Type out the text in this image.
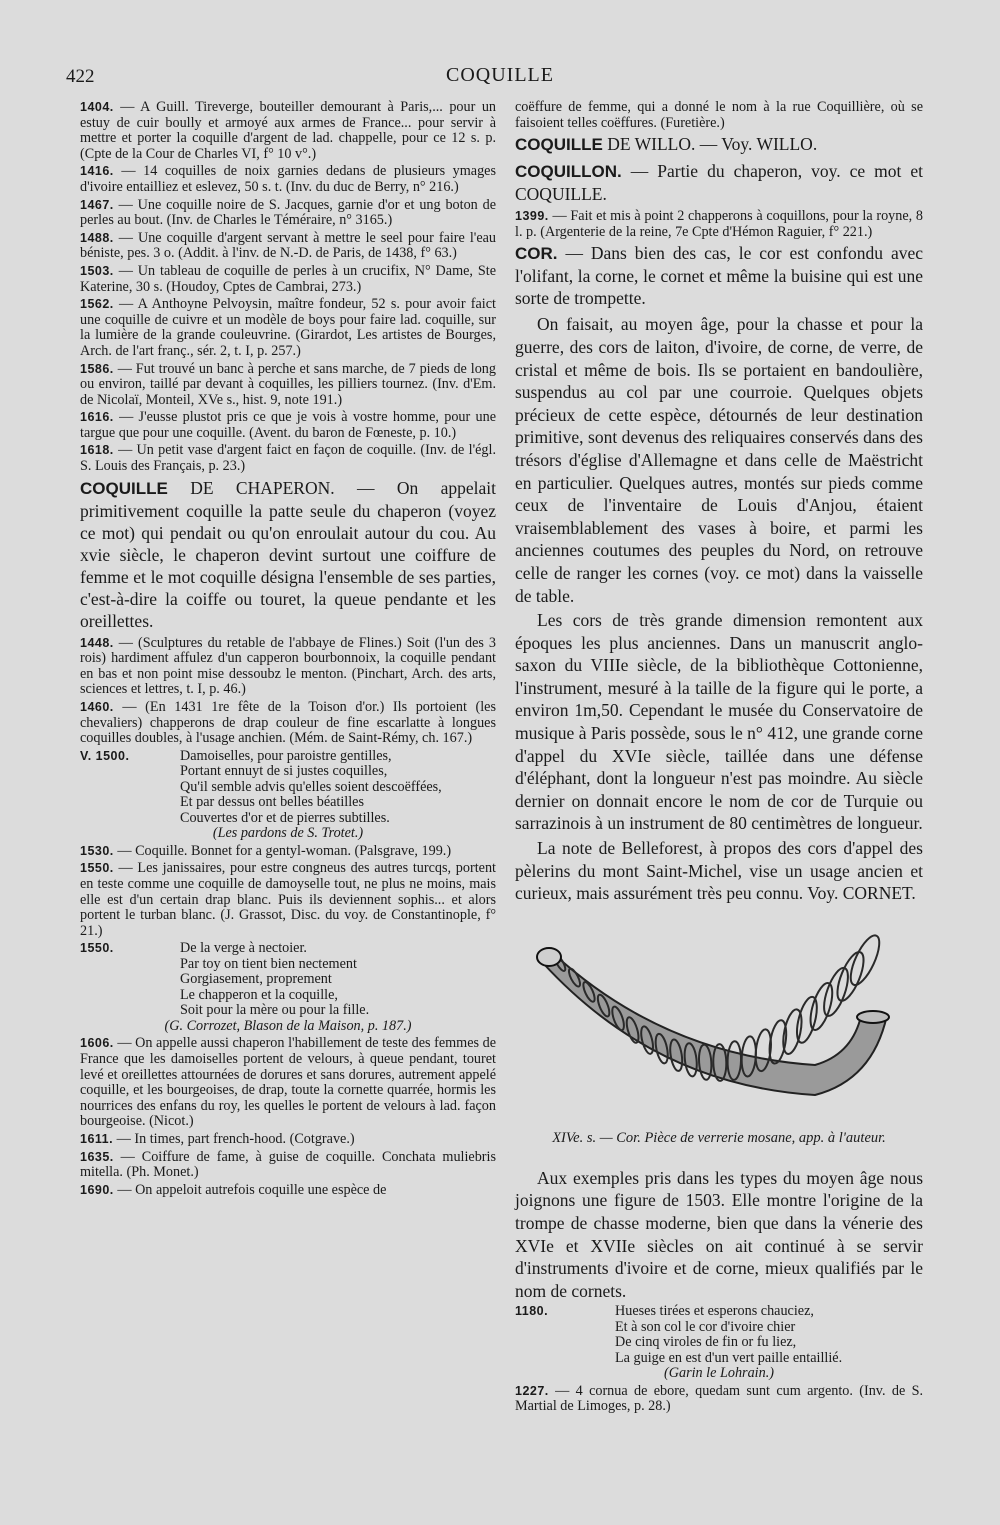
422	COQUILLE

1404. — A Guill. Tireverge, bouteiller demourant à Paris,... pour un estuy de cuir boully et armoyé aux armes de France... pour servir à mettre et porter la coquille d'argent de lad. chappelle, pour ce 12 s. p. (Cpte de la Cour de Charles VI, f° 10 v°.)

1416. — 14 coquilles de noix garnies dedans de plusieurs ymages d'ivoire entailliez et eslevez, 50 s. t. (Inv. du duc de Berry, n° 216.)

1467. — Une coquille noire de S. Jacques, garnie d'or et ung boton de perles au bout. (Inv. de Charles le Téméraire, n° 3165.)

1488. — Une coquille d'argent servant à mettre le seel pour faire l'eau béniste, pes. 3 o. (Addit. à l'inv. de N.-D. de Paris, de 1438, f° 63.)

1503. — Un tableau de coquille de perles à un crucifix, N° Dame, Ste Katerine, 30 s. (Houdoy, Cptes de Cambrai, 273.)

1562. — A Anthoyne Pelvoysin, maître fondeur, 52 s. pour avoir faict une coquille de cuivre et un modèle de boys pour faire lad. coquille, sur la lumière de la grande couleuvrine. (Girardot, Les artistes de Bourges, Arch. de l'art franç., sér. 2, t. I, p. 257.)

1586. — Fut trouvé un banc à perche et sans marche, de 7 pieds de long ou environ, taillé par devant à coquilles, les pilliers tournez. (Inv. d'Em. de Nicolaï, Monteil, XVe s., hist. 9, note 191.)

1616. — J'eusse plustot pris ce que je vois à vostre homme, pour une targue que pour une coquille. (Avent. du baron de Fœneste, p. 10.)

1618. — Un petit vase d'argent faict en façon de coquille. (Inv. de l'égl. S. Louis des Français, p. 23.)

COQUILLE DE CHAPERON. — On appelait primitivement coquille la patte seule du chaperon (voyez ce mot) qui pendait ou qu'on enroulait autour du cou. Au xvie siècle, le chaperon devint surtout une coiffure de femme et le mot coquille désigna l'ensemble de ses parties, c'est-à-dire la coiffe ou touret, la queue pendante et les oreillettes.

1448. — (Sculptures du retable de l'abbaye de Flines.) Soit (l'un des 3 rois) hardiment affulez d'un capperon bourbonnoix, la coquille pendant en bas et non point mise dessoubz le menton. (Pinchart, Arch. des arts, sciences et lettres, t. I, p. 46.)

1460. — (En 1431 1re fête de la Toison d'or.) Ils portoient (les chevaliers) chapperons de drap couleur de fine escarlatte à longues coquilles doubles, à l'usage anchien. (Mém. de Saint-Rémy, ch. 167.)

V. 1500.	Damoiselles, pour paroistre gentilles,
Portant ennuyt de si justes coquilles,
Qu'il semble advis qu'elles soient descoëffées,
Et par dessus ont belles béatilles
Couvertes d'or et de pierres subtilles.
(Les pardons de S. Trotet.)

1530. — Coquille. Bonnet for a gentyl-woman. (Palsgrave, 199.)

1550. — Les janissaires, pour estre congneus des autres turcqs, portent en teste comme une coquille de damoyselle tout, ne plus ne moins, mais elle est d'un certain drap blanc. Puis ils deviennent sophis... et alors portent le turban blanc. (J. Grassot, Disc. du voy. de Constantinople, f° 21.)

1550.	De la verge à nectoier.
Par toy on tient bien nectement
Gorgiasement, proprement
Le chapperon et la coquille,
Soit pour la mère ou pour la fille.
(G. Corrozet, Blason de la Maison, p. 187.)

1606. — On appelle aussi chaperon l'habillement de teste des femmes de France que les damoiselles portent de velours, à queue pendant, touret levé et oreillettes attournées de dorures et sans dorures, autrement appelé coquille, et les bourgeoises, de drap, toute la cornette quarrée, hormis les nourrices des enfans du roy, les quelles le portent de velours à lad. façon bourgeoise. (Nicot.)

1611. — In times, part french-hood. (Cotgrave.)

1635. — Coiffure de fame, à guise de coquille. Conchata muliebris mitella. (Ph. Monet.)

1690. — On appeloit autrefois coquille une espèce de

coëffure de femme, qui a donné le nom à la rue Coquillière, où se faisoient telles coëffures. (Furetière.)

COQUILLE DE WILLO. — Voy. WILLO.

COQUILLON. — Partie du chaperon, voy. ce mot et COQUILLE.

1399. — Fait et mis à point 2 chapperons à coquillons, pour la royne, 8 l. p. (Argenterie de la reine, 7e Cpte d'Hémon Raguier, f° 221.)

COR. — Dans bien des cas, le cor est confondu avec l'olifant, la corne, le cornet et même la buisine qui est une sorte de trompette.

On faisait, au moyen âge, pour la chasse et pour la guerre, des cors de laiton, d'ivoire, de corne, de verre, de cristal et même de bois. Ils se portaient en bandoulière, suspendus au col par une courroie. Quelques objets précieux de cette espèce, détournés de leur destination primitive, sont devenus des reliquaires conservés dans des trésors d'église d'Allemagne et dans celle de Maëstricht en particulier. Quelques autres, montés sur pieds comme ceux de l'inventaire de Louis d'Anjou, étaient vraisemblablement des vases à boire, et parmi les anciennes coutumes des peuples du Nord, on retrouve celle de ranger les cornes (voy. ce mot) dans la vaisselle de table.

Les cors de très grande dimension remontent aux époques les plus anciennes. Dans un manuscrit anglo-saxon du VIIIe siècle, de la bibliothèque Cottonienne, l'instrument, mesuré à la taille de la figure qui le porte, a environ 1m,50. Cependant le musée du Conservatoire de musique à Paris possède, sous le n° 412, une grande corne d'appel du XVIe siècle, taillée dans une défense d'éléphant, dont la longueur n'est pas moindre. Au siècle dernier on donnait encore le nom de cor de Turquie ou sarrazinois à un instrument de 80 centimètres de longueur.

La note de Belleforest, à propos des cors d'appel des pèlerins du mont Saint-Michel, vise un usage ancien et curieux, mais assurément très peu connu. Voy. CORNET.

XIVe. s. — Cor. Pièce de verrerie mosane, app. à l'auteur.

Aux exemples pris dans les types du moyen âge nous joignons une figure de 1503. Elle montre l'origine de la trompe de chasse moderne, bien que dans la vénerie des XVIe et XVIIe siècles on ait continué à se servir d'instruments d'ivoire et de corne, mieux qualifiés par le nom de cornets.

1180.	Hueses tirées et esperons chauciez,
Et à son col le cor d'ivoire chier
De cinq viroles de fin or fu liez,
La guige en est d'un vert paille entaillié.
(Garin le Lohrain.)

1227. — 4 cornua de ebore, quedam sunt cum argento. (Inv. de S. Martial de Limoges, p. 28.)
